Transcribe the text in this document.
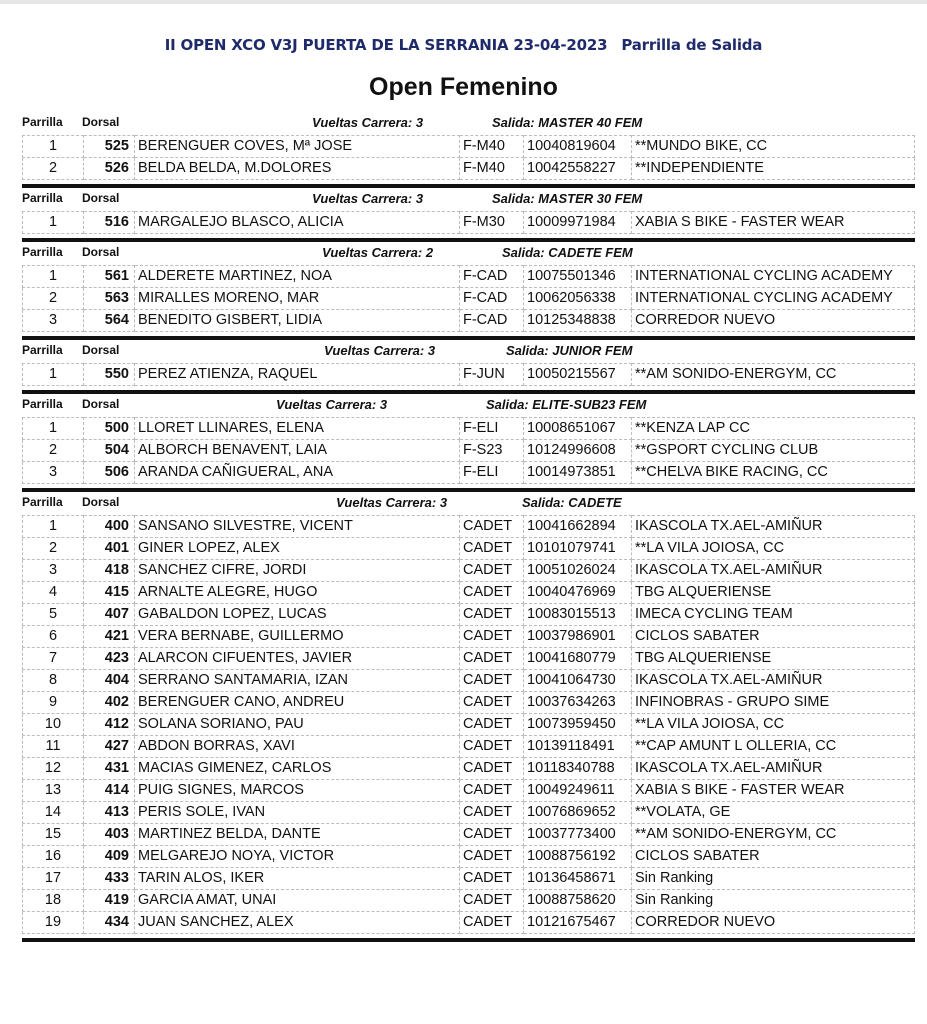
II OPEN XCO V3J PUERTA DE LA SERRANIA 23-04-2023 Parrilla de Salida
Open Femenino
Parrilla Dorsal	Vueltas Carrera: 3	Salida: MASTER 40 FEM
1	525	BERENGUER COVES, Mª JOSE	F-M40	10040819604	**MUNDO BIKE, CC
2	526	BELDA BELDA, M.DOLORES	F-M40	10042558227	**INDEPENDIENTE
Parrilla Dorsal	Vueltas Carrera: 3	Salida: MASTER 30 FEM
1	516	MARGALEJO BLASCO, ALICIA	F-M30	10009971984	XABIA S BIKE - FASTER WEAR
Parrilla Dorsal	Vueltas Carrera: 2	Salida: CADETE FEM
1	561	ALDERETE MARTINEZ, NOA	F-CAD	10075501346	INTERNATIONAL CYCLING ACADEMY
2	563	MIRALLES MORENO, MAR	F-CAD	10062056338	INTERNATIONAL CYCLING ACADEMY
3	564	BENEDITO GISBERT, LIDIA	F-CAD	10125348838	CORREDOR NUEVO
Parrilla Dorsal	Vueltas Carrera: 3	Salida: JUNIOR FEM
1	550	PEREZ ATIENZA, RAQUEL	F-JUN	10050215567	**AM SONIDO-ENERGYM, CC
Parrilla Dorsal	Vueltas Carrera: 3	Salida: ELITE-SUB23 FEM
1	500	LLORET LLINARES, ELENA	F-ELI	10008651067	**KENZA LAP CC
2	504	ALBORCH BENAVENT, LAIA	F-S23	10124996608	**GSPORT CYCLING CLUB
3	506	ARANDA CAÑIGUERAL, ANA	F-ELI	10014973851	**CHELVA BIKE RACING, CC
Parrilla Dorsal	Vueltas Carrera: 3	Salida: CADETE
1	400	SANSANO SILVESTRE, VICENT	CADET	10041662894	IKASCOLA TX.AEL-AMIÑUR
2	401	GINER LOPEZ, ALEX	CADET	10101079741	**LA VILA JOIOSA, CC
3	418	SANCHEZ CIFRE, JORDI	CADET	10051026024	IKASCOLA TX.AEL-AMIÑUR
4	415	ARNALTE ALEGRE, HUGO	CADET	10040476969	TBG ALQUERIENSE
5	407	GABALDON LOPEZ, LUCAS	CADET	10083015513	IMECA CYCLING TEAM
6	421	VERA BERNABE, GUILLERMO	CADET	10037986901	CICLOS SABATER
7	423	ALARCON CIFUENTES, JAVIER	CADET	10041680779	TBG ALQUERIENSE
8	404	SERRANO SANTAMARIA, IZAN	CADET	10041064730	IKASCOLA TX.AEL-AMIÑUR
9	402	BERENGUER CANO, ANDREU	CADET	10037634263	INFINOBRAS - GRUPO SIME
10	412	SOLANA SORIANO, PAU	CADET	10073959450	**LA VILA JOIOSA, CC
11	427	ABDON BORRAS, XAVI	CADET	10139118491	**CAP AMUNT L OLLERIA, CC
12	431	MACIAS GIMENEZ, CARLOS	CADET	10118340788	IKASCOLA TX.AEL-AMIÑUR
13	414	PUIG SIGNES, MARCOS	CADET	10049249611	XABIA S BIKE - FASTER WEAR
14	413	PERIS SOLE, IVAN	CADET	10076869652	**VOLATA, GE
15	403	MARTINEZ BELDA, DANTE	CADET	10037773400	**AM SONIDO-ENERGYM, CC
16	409	MELGAREJO NOYA, VICTOR	CADET	10088756192	CICLOS SABATER
17	433	TARIN ALOS, IKER	CADET	10136458671	Sin Ranking
18	419	GARCIA AMAT, UNAI	CADET	10088758620	Sin Ranking
19	434	JUAN SANCHEZ, ALEX	CADET	10121675467	CORREDOR NUEVO
